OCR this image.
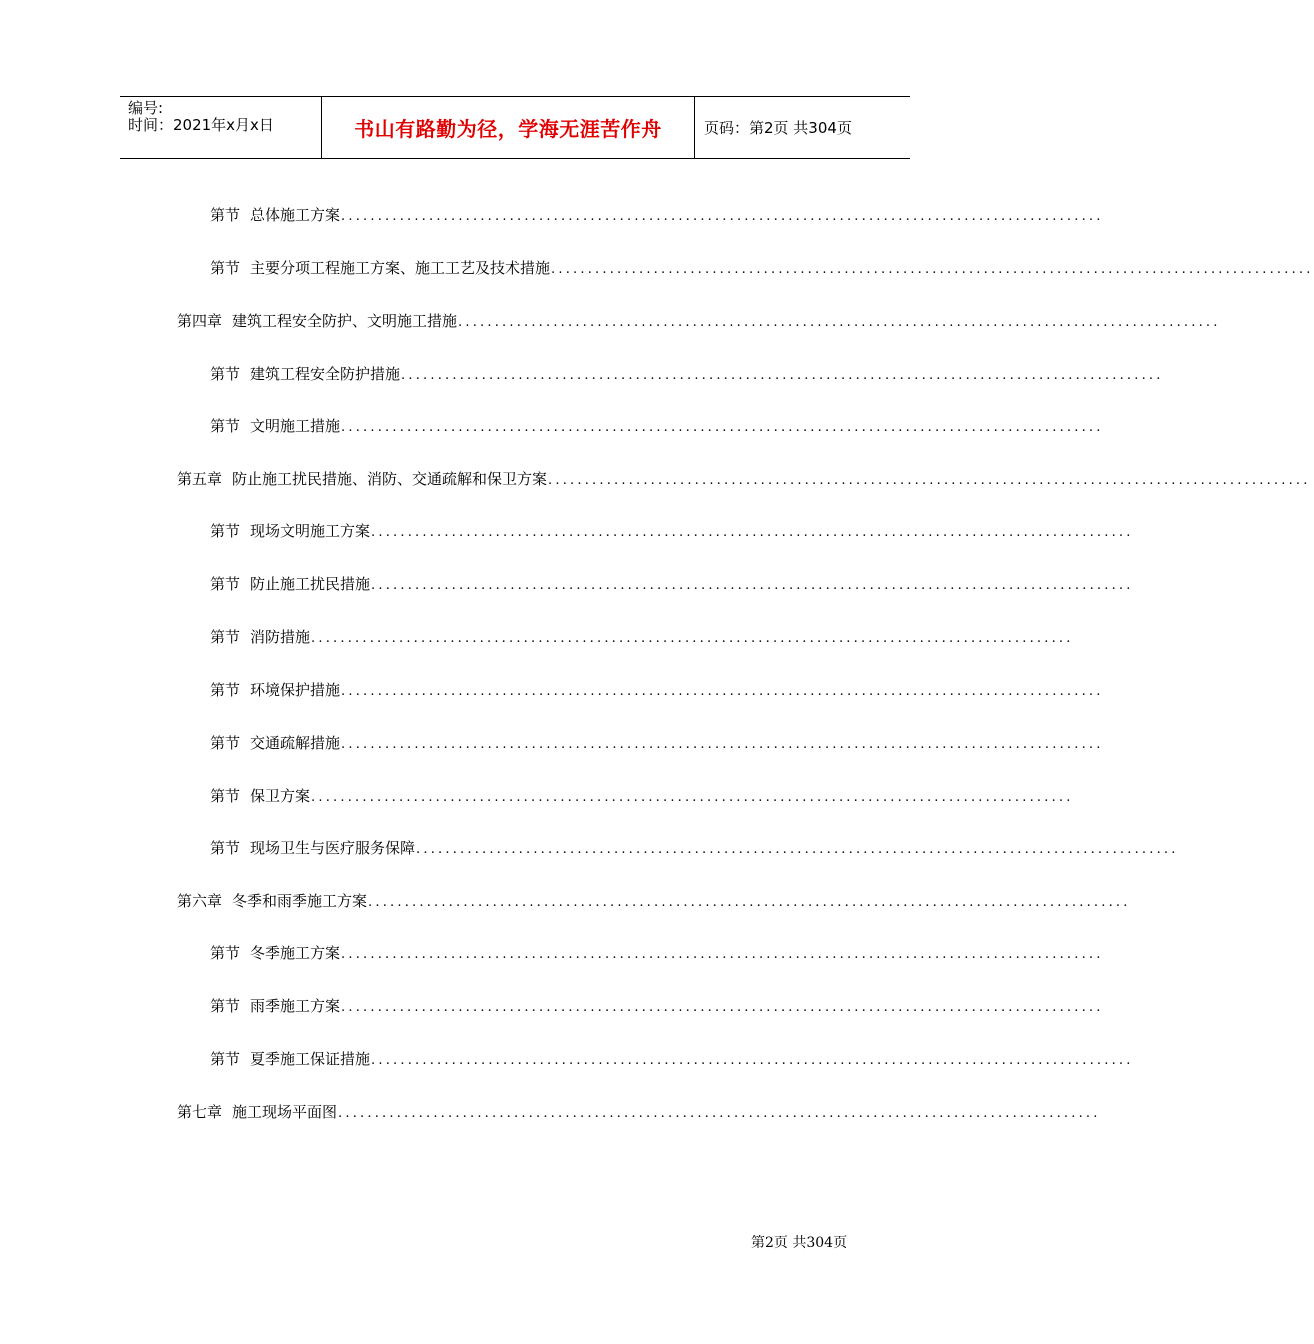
编号:
时间：2021年x月x日	书山有路勤为径，学海无涯苦作舟	页码：第2页 共304页
第节 总体施工方案 ........................................................................................................
第节 主要分项工程施工方案、施工工艺及技术措施 ........................................................................................................
第四章 建筑工程安全防护、文明施工措施 ........................................................................................................
第节 建筑工程安全防护措施 ........................................................................................................
第节 文明施工措施 ........................................................................................................
第五章 防止施工扰民措施、消防、交通疏解和保卫方案 ........................................................................................................
第节 现场文明施工方案 ........................................................................................................
第节 防止施工扰民措施 ........................................................................................................
第节 消防措施 ........................................................................................................
第节 环境保护措施 ........................................................................................................
第节 交通疏解措施 ........................................................................................................
第节 保卫方案 ........................................................................................................
第节 现场卫生与医疗服务保障 ........................................................................................................
第六章 冬季和雨季施工方案 ........................................................................................................
第节 冬季施工方案 ........................................................................................................
第节 雨季施工方案 ........................................................................................................
第节 夏季施工保证措施 ........................................................................................................
第七章 施工现场平面图 ........................................................................................................
第2页 共304页
